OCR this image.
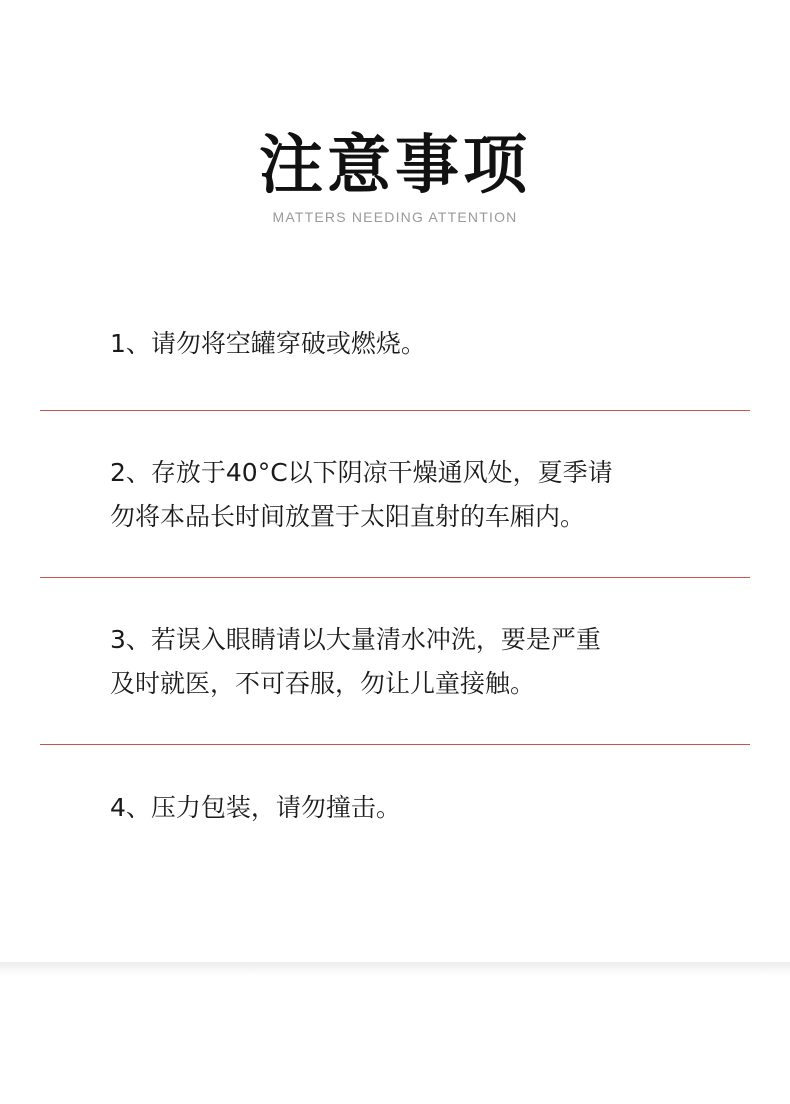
注意事项
MATTERS NEEDING ATTENTION
1、请勿将空罐穿破或燃烧。
2、存放于40°C以下阴凉干燥通风处，夏季请
勿将本品长时间放置于太阳直射的车厢内。
3、若误入眼睛请以大量清水冲洗，要是严重
及时就医，不可吞服，勿让儿童接触。
4、压力包装，请勿撞击。
